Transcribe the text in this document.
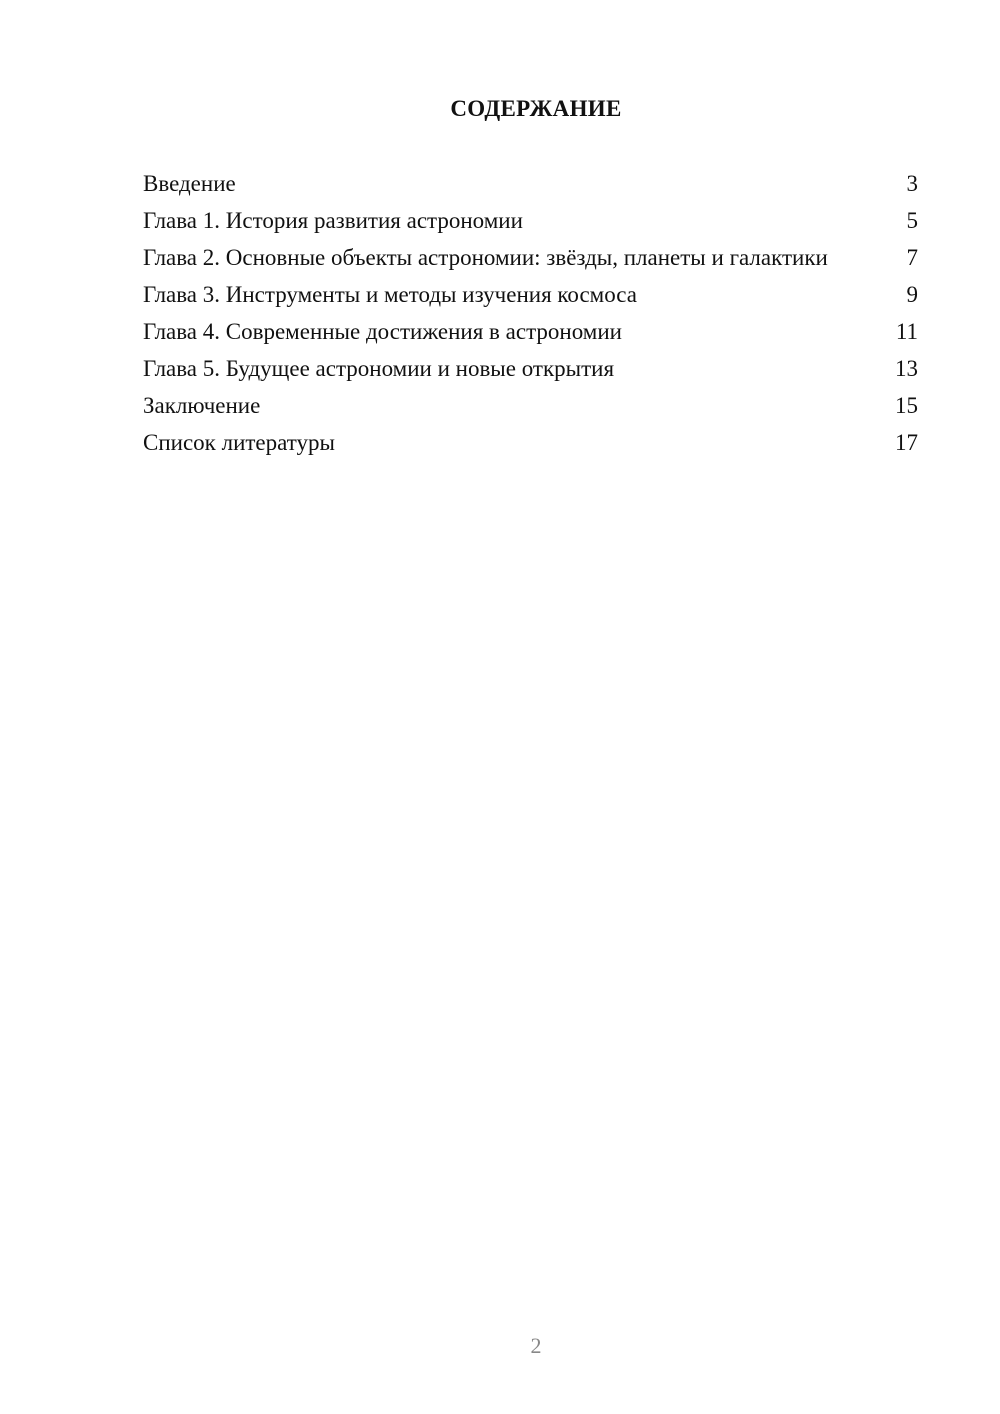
СОДЕРЖАНИЕ
Введение	3
Глава 1. История развития астрономии	5
Глава 2. Основные объекты астрономии: звёзды, планеты и галактики	7
Глава 3. Инструменты и методы изучения космоса	9
Глава 4. Современные достижения в астрономии	11
Глава 5. Будущее астрономии и новые открытия	13
Заключение	15
Список литературы	17
2
